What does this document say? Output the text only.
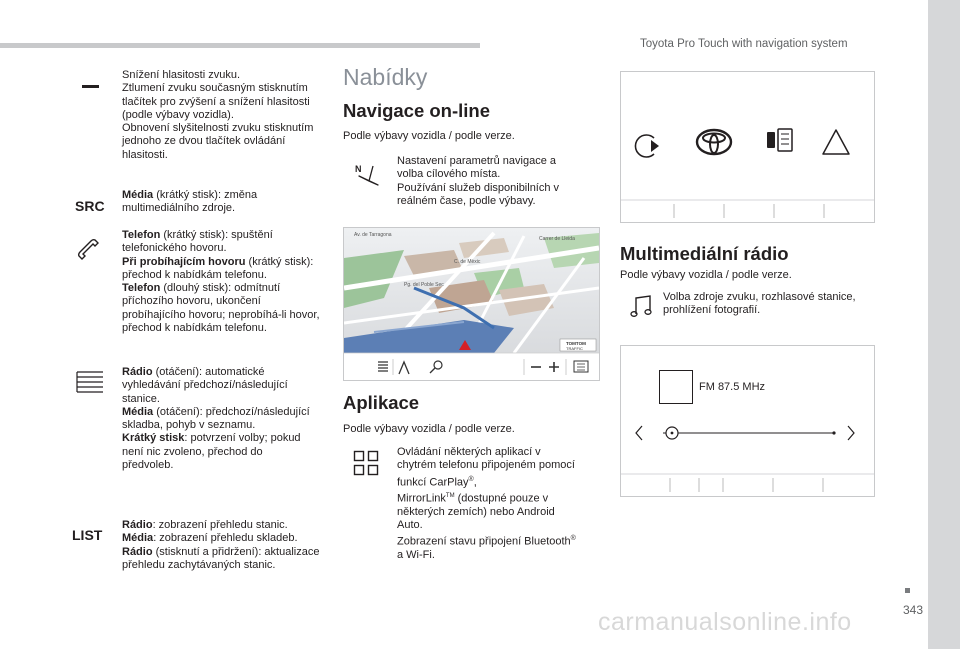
Toyota Pro Touch with navigation system
Snížení hlasitosti zvuku.
Ztlumení zvuku současným stisknutím tlačítek pro zvýšení a snížení hlasitosti (podle výbavy vozidla).
Obnovení slyšitelnosti zvuku stisknutím jednoho ze dvou tlačítek ovládání hlasitosti.
SRC
Média (krátký stisk): změna multimediálního zdroje.
Telefon (krátký stisk): spuštění telefonického hovoru.
Při probíhajícím hovoru (krátký stisk): přechod k nabídkám telefonu.
Telefon (dlouhý stisk): odmítnutí příchozího hovoru, ukončení probíhajícího hovoru; neprobíhá-li hovor, přechod k nabídkám telefonu.
Rádio (otáčení): automatické vyhledávání předchozí/následující stanice.
Média (otáčení): předchozí/následující skladba, pohyb v seznamu.
Krátký stisk: potvrzení volby; pokud není nic zvoleno, přechod do předvoleb.
LIST
Rádio: zobrazení přehledu stanic.
Média: zobrazení přehledu skladeb.
Rádio (stisknutí a přidržení): aktualizace přehledu zachytávaných stanic.
Nabídky
Navigace on-line
Podle výbavy vozidla / podle verze.
N
Nastavení parametrů navigace a volba cílového místa.
Používání služeb disponibilních v reálném čase, podle výbavy.
Av. de Tarragona
Pg. del Poble Sec
Carrer de Lleida
C. de Mèxic
TOMTOM
TRAFFIC
Aplikace
Podle výbavy vozidla / podle verze.
Ovládání některých aplikací v chytrém telefonu připojeném pomocí funkcí CarPlay®,
MirrorLink™ (dostupné pouze v některých zemích) nebo Android Auto.
Zobrazení stavu připojení Bluetooth®
a Wi-Fi.
Multimediální rádio
Podle výbavy vozidla / podle verze.
Volba zdroje zvuku, rozhlasové stanice, prohlížení fotografií.
FM 87.5 MHz
343
carmanualsonline.info
